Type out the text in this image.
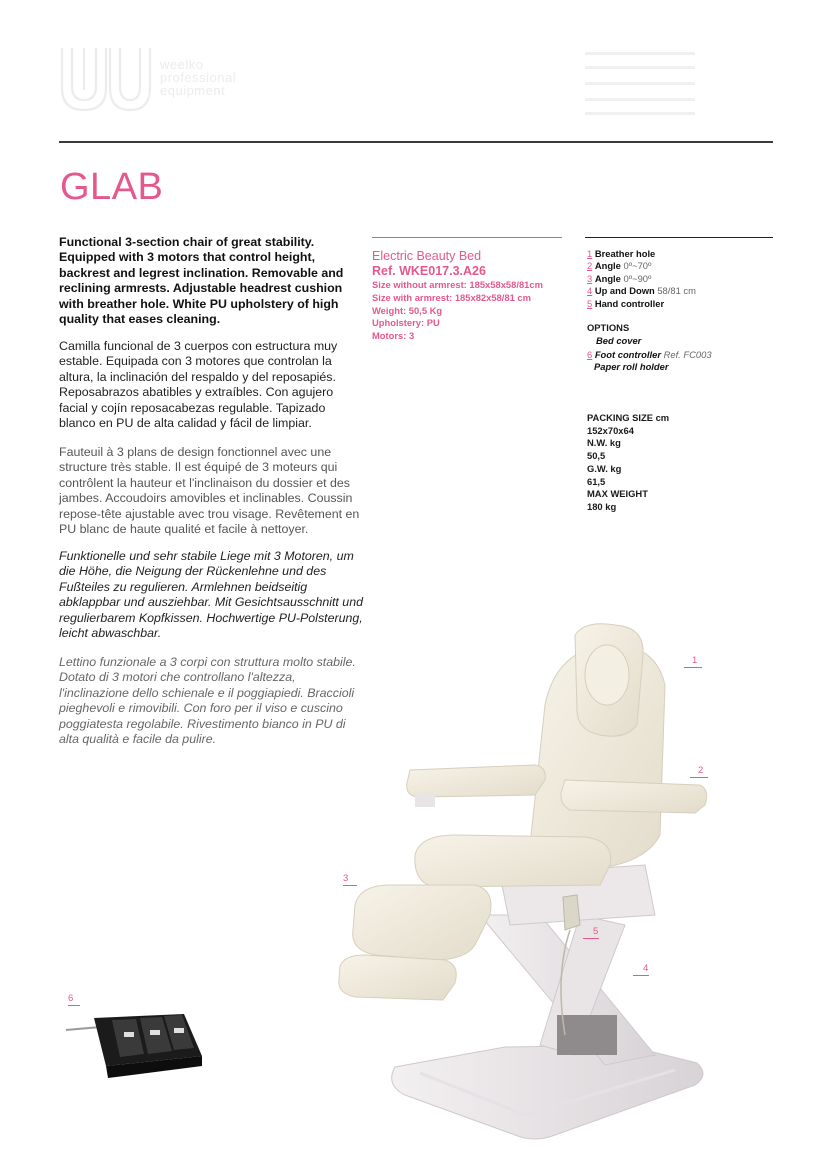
weelko
professional
equipment
GLAB

Functional 3-section chair of great stability. Equipped with 3 motors that control height, backrest and legrest inclination. Removable and reclining armrests. Adjustable headrest cushion with breather hole. White PU upholstery of high quality that eases cleaning.

Camilla funcional de 3 cuerpos con estructura muy estable. Equipada con 3 motores que controlan la altura, la inclinación del respaldo y del reposapiés. Reposabrazos abatibles y extraíbles. Con agujero facial y cojín reposacabezas regulable. Tapizado blanco en PU de alta calidad y fácil de limpiar.

Fauteuil à 3 plans de design fonctionnel avec une structure très stable. Il est équipé de 3 moteurs qui contrôlent la hauteur et l'inclinaison du dossier et des jambes. Accoudoirs amovibles et inclinables. Coussin repose-tête ajustable avec trou visage. Revêtement en PU blanc de haute qualité et facile à nettoyer.

Funktionelle und sehr stabile Liege mit 3 Motoren, um die Höhe, die Neigung der Rückenlehne und des Fußteiles zu regulieren. Armlehnen beidseitig abklappbar und ausziehbar. Mit Gesichtsausschnitt und regulierbarem Kopfkissen. Hochwertige PU-Polsterung, leicht abwaschbar.

Lettino funzionale a 3 corpi con struttura molto stabile. Dotato di 3 motori che controllano l'altezza, l'inclinazione dello schienale e il poggiapiedi. Braccioli pieghevoli e rimovibili. Con foro per il viso e cuscino poggiatesta regolabile. Rivestimento bianco in PU di alta qualità e facile da pulire.

Electric Beauty Bed
Ref. WKE017.3.A26
Size without armrest: 185x58x58/81cm
Size with armrest: 185x82x58/81 cm
Weight: 50,5 Kg
Upholstery: PU
Motors: 3
1 Breather hole
2 Angle 0º~70º
3 Angle 0º~90º
4 Up and Down 58/81 cm
5 Hand controller
OPTIONS
Bed cover
6 Foot controller Ref. FC003
Paper roll holder
PACKING SIZE cm
152x70x64
N.W. kg
50,5
G.W. kg
61,5
MAX WEIGHT
180 kg
1
2
3
4
5
6
